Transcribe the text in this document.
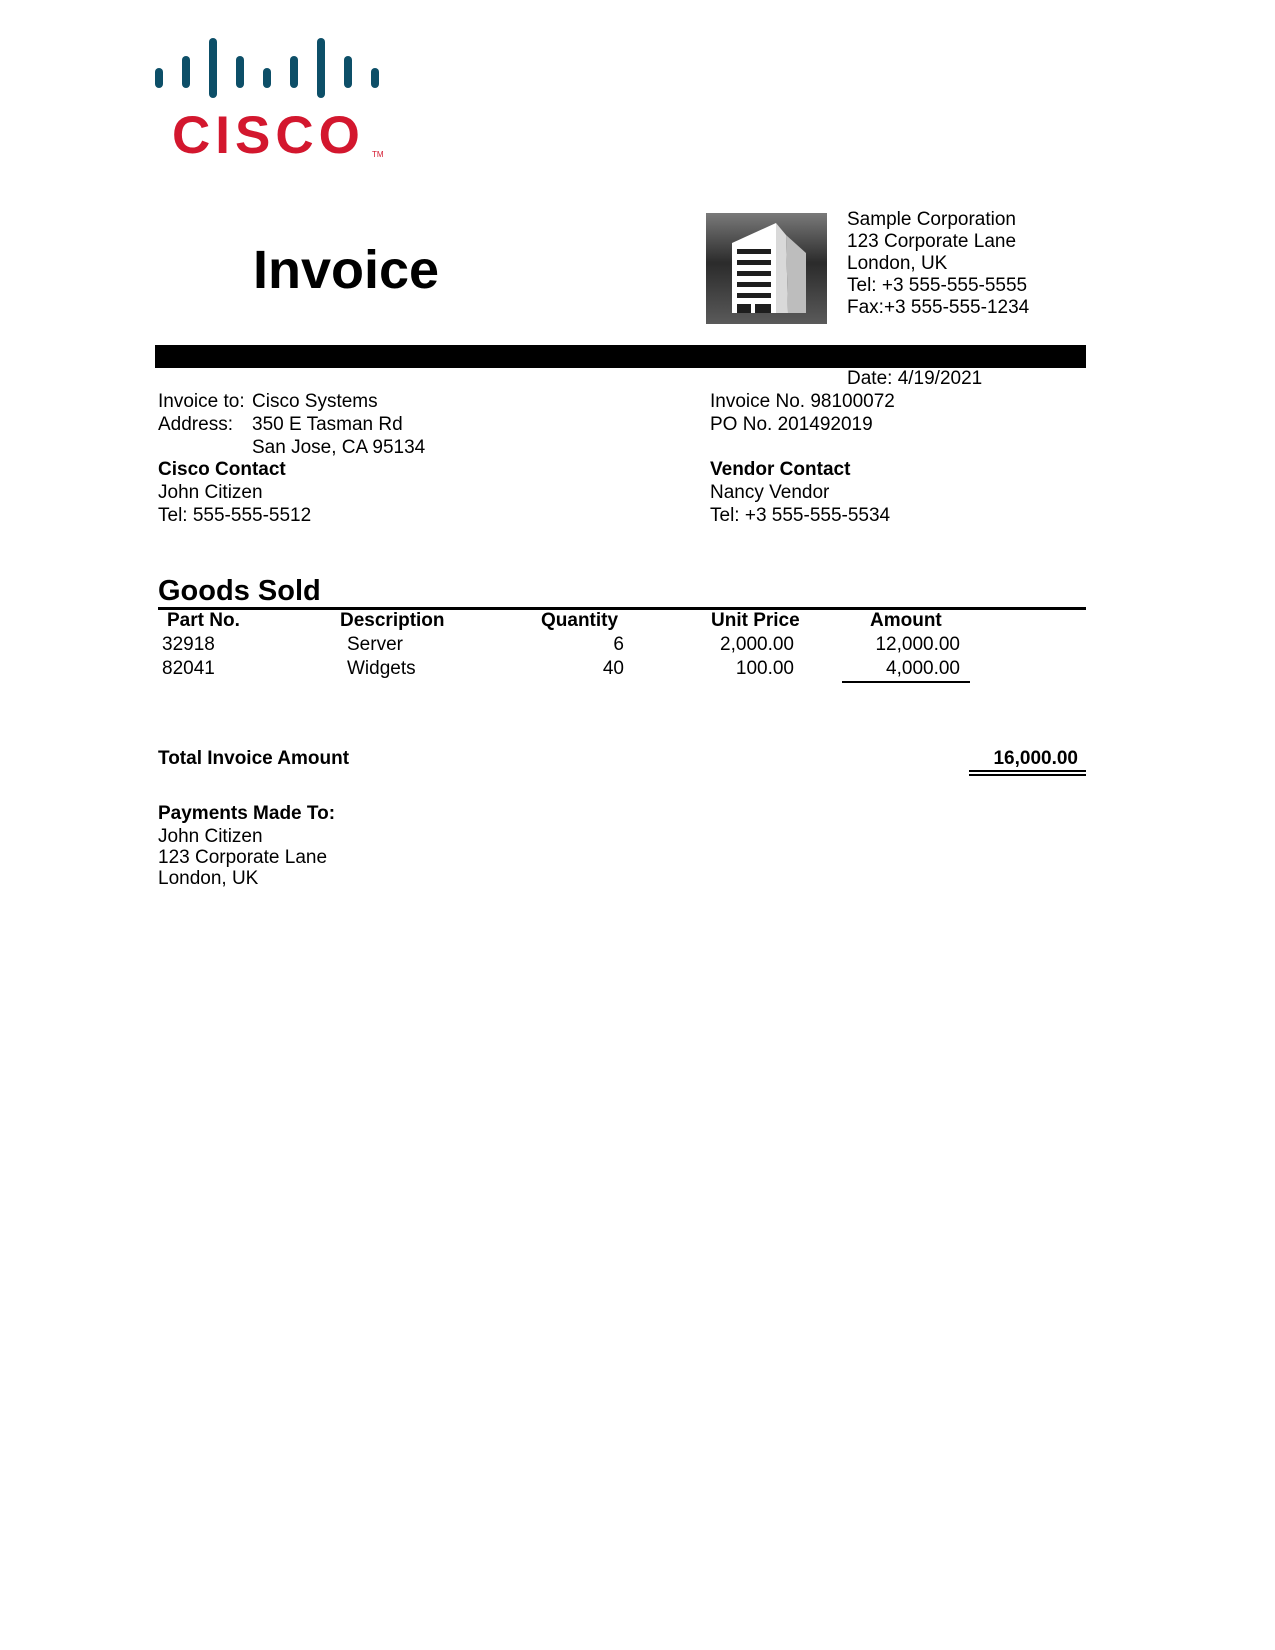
CISCO TM
Invoice
Sample Corporation
123 Corporate Lane
London, UK
Tel: +3 555-555-5555
Fax:+3 555-555-1234
Date: 4/19/2021
Invoice No. 98100072
PO No. 201492019
Invoice to: Cisco Systems
Address: 350 E Tasman Rd
San Jose, CA 95134
Cisco Contact
John Citizen
Tel: 555-555-5512
Vendor Contact
Nancy Vendor
Tel: +3 555-555-5534
Goods Sold
Part No.	Description	Quantity	Unit Price	Amount
32918	Server	6	2,000.00	12,000.00
82041	Widgets	40	100.00	4,000.00
Total Invoice Amount	16,000.00
Payments Made To:
John Citizen
123 Corporate Lane
London, UK
